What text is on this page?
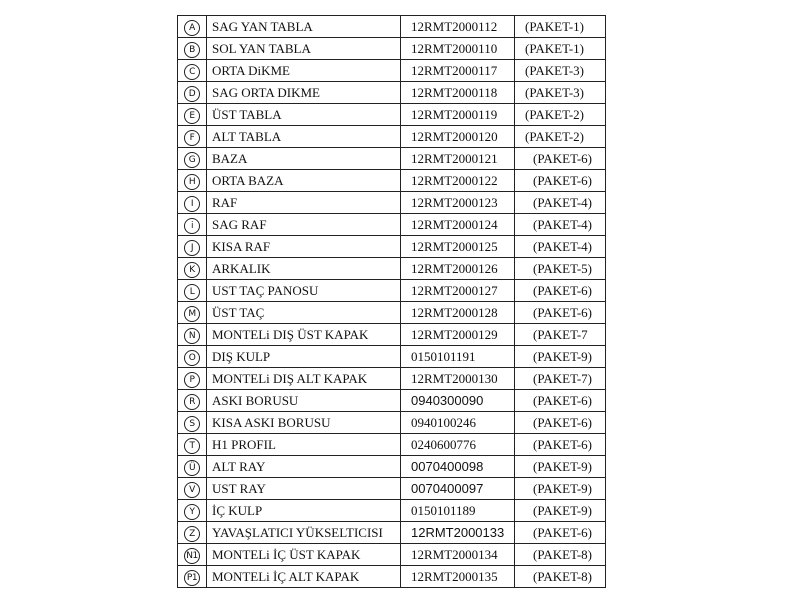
A	SAG YAN TABLA	12RMT2000112	(PAKET-1)
B	SOL YAN TABLA	12RMT2000110	(PAKET-1)
C	ORTA DiKME	12RMT2000117	(PAKET-3)
D	SAG ORTA DIKME	12RMT2000118	(PAKET-3)
E	ÜST TABLA	12RMT2000119	(PAKET-2)
F	ALT TABLA	12RMT2000120	(PAKET-2)
G	BAZA	12RMT2000121	(PAKET-6)
H	ORTA BAZA	12RMT2000122	(PAKET-6)
I	RAF	12RMT2000123	(PAKET-4)
i	SAG RAF	12RMT2000124	(PAKET-4)
J	KISA RAF	12RMT2000125	(PAKET-4)
K	ARKALIK	12RMT2000126	(PAKET-5)
L	UST TAÇ PANOSU	12RMT2000127	(PAKET-6)
M	ÜST TAÇ	12RMT2000128	(PAKET-6)
N	MONTELi DIŞ ÜST KAPAK	12RMT2000129	(PAKET-7
O	DIŞ KULP	0150101191	(PAKET-9)
P	MONTELi DIŞ ALT KAPAK	12RMT2000130	(PAKET-7)
R	ASKI BORUSU	0940300090	(PAKET-6)
S	KISA ASKI BORUSU	0940100246	(PAKET-6)
T	H1 PROFIL	0240600776	(PAKET-6)
Ü	ALT RAY	0070400098	(PAKET-9)
V	UST RAY	0070400097	(PAKET-9)
Y	İÇ KULP	0150101189	(PAKET-9)
Z	YAVAŞLATICI YÜKSELTICISI	12RMT2000133	(PAKET-6)
N1	MONTELi İÇ ÜST KAPAK	12RMT2000134	(PAKET-8)
P1	MONTELi İÇ ALT KAPAK	12RMT2000135	(PAKET-8)
